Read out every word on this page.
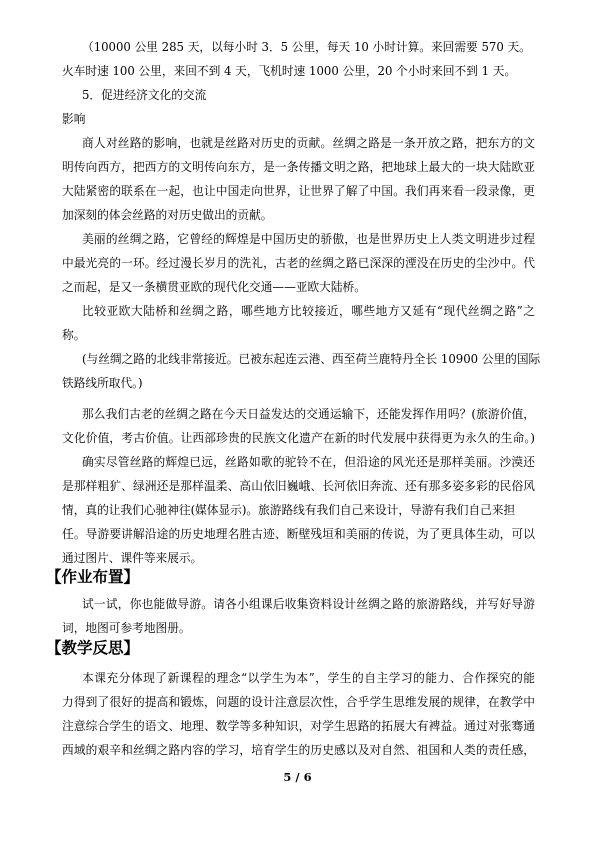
（10000 公里 285 天，以每小时 3．5 公里，每天 10 小时计算。来回需要 570 天。
火车时速 100 公里，来回不到 4 天，飞机时速 1000 公里，20 个小时来回不到 1 天。
5．促进经济文化的交流
影响
商人对丝路的影响，也就是丝路对历史的贡献。丝绸之路是一条开放之路，把东方的文
明传向西方，把西方的文明传向东方，是一条传播文明之路，把地球上最大的一块大陆欧亚
大陆紧密的联系在一起，也让中国走向世界，让世界了解了中国。我们再来看一段录像，更
加深刻的体会丝路的对历史做出的贡献。
美丽的丝绸之路，它曾经的辉煌是中国历史的骄傲，也是世界历史上人类文明进步过程
中最光亮的一环。经过漫长岁月的洗礼，古老的丝绸之路已深深的湮没在历史的尘沙中。代
之而起，是又一条横贯亚欧的现代化交通——亚欧大陆桥。
比较亚欧大陆桥和丝绸之路，哪些地方比较接近，哪些地方又延有“现代丝绸之路”之
称。
(与丝绸之路的北线非常接近。已被东起连云港、西至荷兰鹿特丹全长 10900 公里的国际
铁路线所取代。)
那么我们古老的丝绸之路在今天日益发达的交通运输下，还能发挥作用吗？(旅游价值，
文化价值，考古价值。让西部珍贵的民族文化遗产在新的时代发展中获得更为永久的生命。)
确实尽管丝路的辉煌已远，丝路如歌的驼铃不在，但沿途的风光还是那样美丽。沙漠还
是那样粗犷、绿洲还是那样温柔、高山依旧巍峨、长河依旧奔流、还有那多姿多彩的民俗风
情，真的让我们心驰神往(媒体显示)。旅游路线有我们自己来设计，导游有我们自己来担
任。导游要讲解沿途的历史地理名胜古迹、断壁残垣和美丽的传说，为了更具体生动，可以
通过图片、课件等来展示。
【作业布置】
试一试，你也能做导游。请各小组课后收集资料设计丝绸之路的旅游路线，并写好导游
词，地图可参考地图册。
【教学反思】
本课充分体现了新课程的理念“以学生为本”，学生的自主学习的能力、合作探究的能
力得到了很好的提高和锻炼，问题的设计注意层次性，合乎学生思维发展的规律，在教学中
注意综合学生的语文、地理、数学等多种知识，对学生思路的拓展大有裨益。通过对张骞通
西域的艰辛和丝绸之路内容的学习，培育学生的历史感以及对自然、祖国和人类的责任感，
5 / 6
